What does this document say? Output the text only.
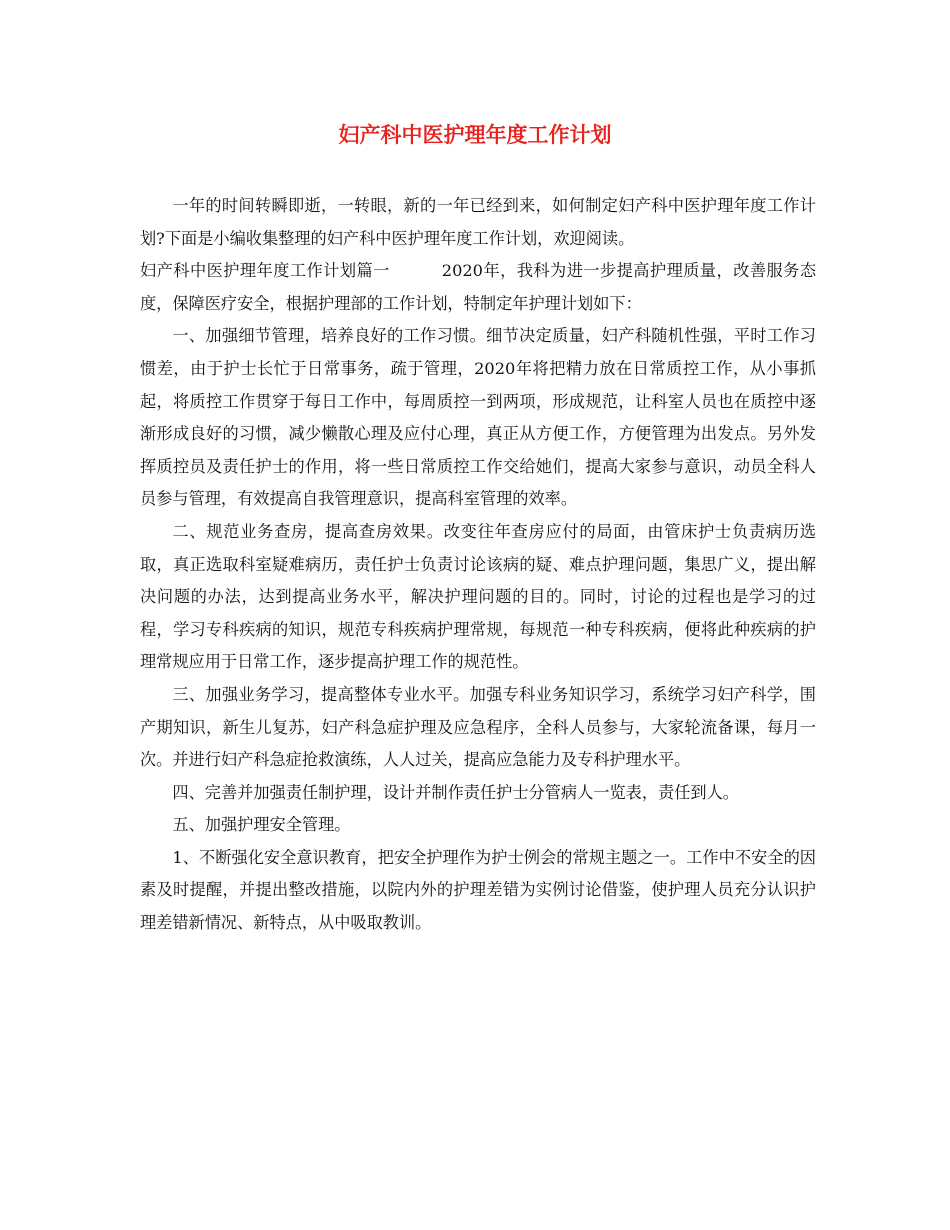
妇产科中医护理年度工作计划

一年的时间转瞬即逝，一转眼，新的一年已经到来，如何制定妇产科中医护理年度工作计划?下面是小编收集整理的妇产科中医护理年度工作计划，欢迎阅读。

妇产科中医护理年度工作计划篇一	2020年，我科为进一步提高护理质量，改善服务态度，保障医疗安全，根据护理部的工作计划，特制定年护理计划如下：

一、加强细节管理，培养良好的工作习惯。细节决定质量，妇产科随机性强，平时工作习惯差，由于护士长忙于日常事务，疏于管理，2020年将把精力放在日常质控工作，从小事抓起，将质控工作贯穿于每日工作中，每周质控一到两项，形成规范，让科室人员也在质控中逐渐形成良好的习惯，减少懒散心理及应付心理，真正从方便工作，方便管理为出发点。另外发挥质控员及责任护士的作用，将一些日常质控工作交给她们，提高大家参与意识，动员全科人员参与管理，有效提高自我管理意识，提高科室管理的效率。

二、规范业务查房，提高查房效果。改变往年查房应付的局面，由管床护士负责病历选取，真正选取科室疑难病历，责任护士负责讨论该病的疑、难点护理问题，集思广义，提出解决问题的办法，达到提高业务水平，解决护理问题的目的。同时，讨论的过程也是学习的过程，学习专科疾病的知识，规范专科疾病护理常规，每规范一种专科疾病，便将此种疾病的护理常规应用于日常工作，逐步提高护理工作的规范性。

三、加强业务学习，提高整体专业水平。加强专科业务知识学习，系统学习妇产科学，围产期知识，新生儿复苏，妇产科急症护理及应急程序，全科人员参与，大家轮流备课，每月一次。并进行妇产科急症抢救演练，人人过关，提高应急能力及专科护理水平。

四、完善并加强责任制护理，设计并制作责任护士分管病人一览表，责任到人。

五、加强护理安全管理。

1、不断强化安全意识教育，把安全护理作为护士例会的常规主题之一。工作中不安全的因素及时提醒，并提出整改措施，以院内外的护理差错为实例讨论借鉴，使护理人员充分认识护理差错新情况、新特点，从中吸取教训。
